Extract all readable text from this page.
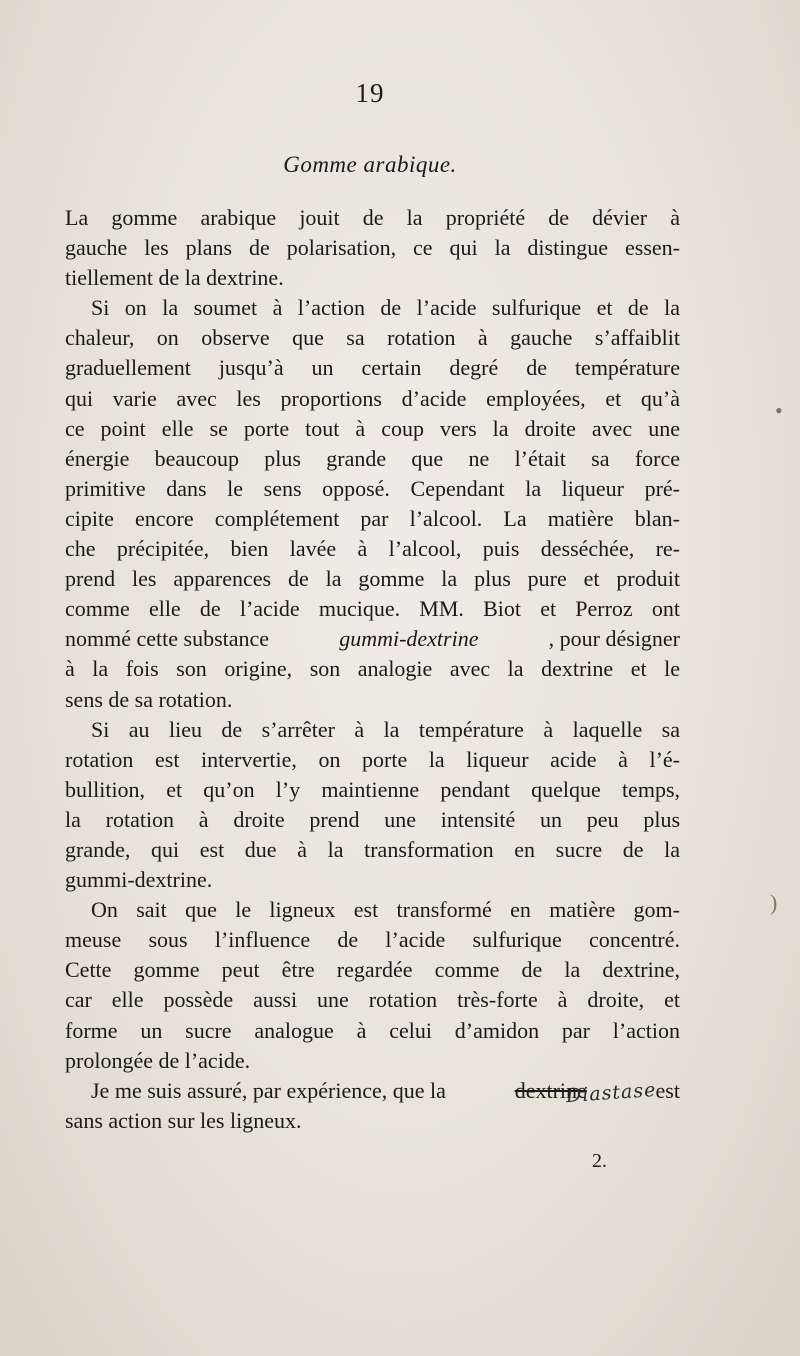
19
Gomme arabique.
La gomme arabique jouit de la propriété de dévier à
gauche les plans de polarisation, ce qui la distingue essen-
tiellement de la dextrine.
Si on la soumet à l’action de l’acide sulfurique et de la
chaleur, on observe que sa rotation à gauche s’affaiblit
graduellement jusqu’à un certain degré de température
qui varie avec les proportions d’acide employées, et qu’à
ce point elle se porte tout à coup vers la droite avec une
énergie beaucoup plus grande que ne l’était sa force
primitive dans le sens opposé. Cependant la liqueur pré-
cipite encore complétement par l’alcool. La matière blan-
che précipitée, bien lavée à l’alcool, puis desséchée, re-
prend les apparences de la gomme la plus pure et produit
comme elle de l’acide mucique. MM. Biot et Perroz ont
nommé cette substance	gummi-dextrine	, pour désigner
à la fois son origine, son analogie avec la dextrine et le
sens de sa rotation.
Si au lieu de s’arrêter à la température à laquelle sa
rotation est intervertie, on porte la liqueur acide à l’é-
bullition, et qu’on l’y maintienne pendant quelque temps,
la rotation à droite prend une intensité un peu plus
grande, qui est due à la transformation en sucre de la
gummi-dextrine.
On sait que le ligneux est transformé en matière gom-
meuse sous l’influence de l’acide sulfurique concentré.
Cette gomme peut être regardée comme de la dextrine,
car elle possède aussi une rotation très-forte à droite, et
forme un sucre analogue à celui d’amidon par l’action
prolongée de l’acide.
Je me suis assuré, par expérience, que la	dextrine	est
sans action sur les ligneux.
Diastase
2.
•
)
